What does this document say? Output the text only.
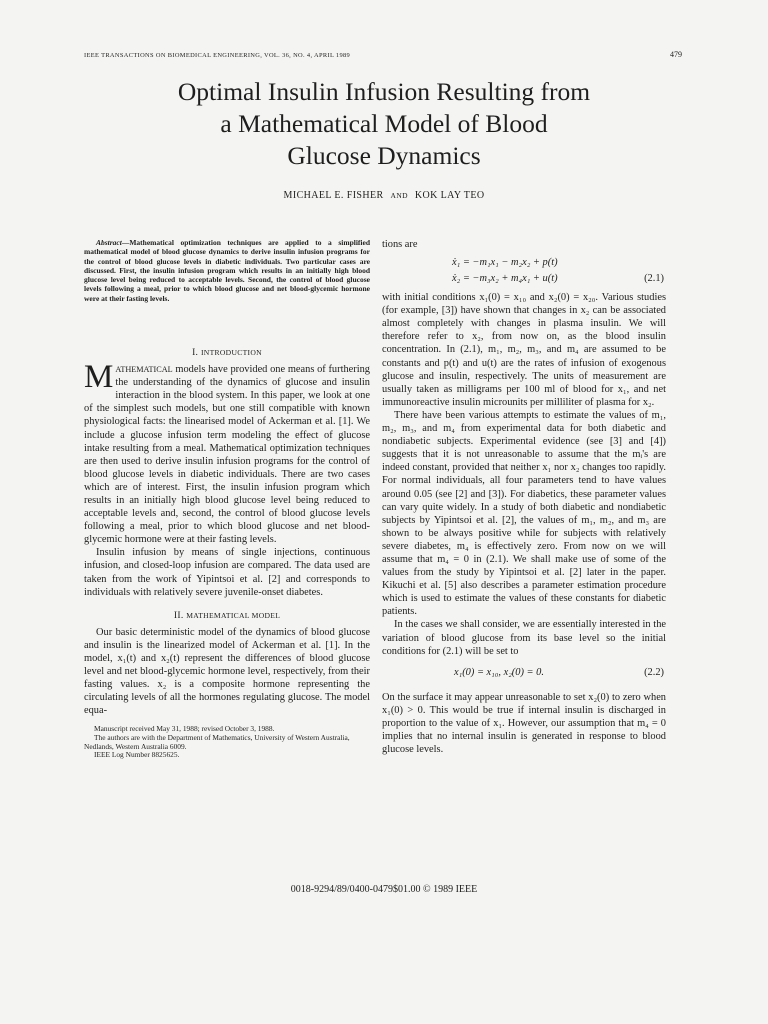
IEEE TRANSACTIONS ON BIOMEDICAL ENGINEERING, VOL. 36, NO. 4, APRIL 1989	479
Optimal Insulin Infusion Resulting from
a Mathematical Model of Blood
Glucose Dynamics
MICHAEL E. FISHER AND KOK LAY TEO

Abstract—Mathematical optimization techniques are applied to a simplified mathematical model of blood glucose dynamics to derive insulin infusion programs for the control of blood glucose levels in diabetic individuals. Two particular cases are discussed. First, the insulin infusion program which results in an initially high blood glucose level being reduced to acceptable levels. Second, the control of blood glucose levels following a meal, prior to which blood glucose and net blood-glycemic hormone were at their fasting levels.

I. INTRODUCTION

MATHEMATICAL models have provided one means of furthering the understanding of the dynamics of glucose and insulin interaction in the blood system. In this paper, we look at one of the simplest such models, but one still compatible with known physiological facts: the linearised model of Ackerman et al. [1]. We include a glucose infusion term modeling the effect of glucose intake resulting from a meal. Mathematical optimization techniques are then used to derive insulin infusion programs for the control of blood glucose levels in diabetic individuals. There are two cases which are of interest. First, the insulin infusion program which results in an initially high blood glucose level being reduced to acceptable levels and, second, the control of blood glucose levels following a meal, prior to which blood glucose and net blood-glycemic hormone were at their fasting levels.

Insulin infusion by means of single injections, continuous infusion, and closed-loop infusion are compared. The data used are taken from the work of Yipintsoi et al. [2] and corresponds to individuals with relatively severe juvenile-onset diabetes.

II. MATHEMATICAL MODEL

Our basic deterministic model of the dynamics of blood glucose and insulin is the linearized model of Ackerman et al. [1]. In the model, x₁(t) and x₂(t) represent the differences of blood glucose level and net blood-glycemic hormone level, respectively, from their fasting values. x₂ is a composite hormone representing the circulating levels of all the hormones regulating glucose. The model equa-

Manuscript received May 31, 1988; revised October 3, 1988.

The authors are with the Department of Mathematics, University of Western Australia, Nedlands, Western Australia 6009.

IEEE Log Number 8825625.

tions are

ẋ₁ = −m₁x₁ − m₂x₂ + p(t)
ẋ₂ = −m₃x₂ + m₄x₁ + u(t)	(2.1)

with initial conditions x₁(0) = x₁₀ and x₂(0) = x₂₀. Various studies (for example, [3]) have shown that changes in x₂ can be associated almost completely with changes in plasma insulin. We will therefore refer to x₂, from now on, as the blood insulin concentration. In (2.1), m₁, m₂, m₃, and m₄ are assumed to be constants and p(t) and u(t) are the rates of infusion of exogenous glucose and insulin, respectively. The units of measurement are usually taken as milligrams per 100 ml of blood for x₁, and net immunoreactive insulin microunits per milliliter of plasma for x₂.

There have been various attempts to estimate the values of m₁, m₂, m₃, and m₄ from experimental data for both diabetic and nondiabetic subjects. Experimental evidence (see [3] and [4]) suggests that it is not unreasonable to assume that the mᵢ's are indeed constant, provided that neither x₁ nor x₂ changes too rapidly. For normal individuals, all four parameters tend to have values around 0.05 (see [2] and [3]). For diabetics, these parameter values can vary quite widely. In a study of both diabetic and nondiabetic subjects by Yipintsoi et al. [2], the values of m₁, m₂, and m₃ are shown to be always positive while for subjects with relatively severe diabetes, m₄ is effectively zero. From now on we will assume that m₄ = 0 in (2.1). We shall make use of some of the values from the study by Yipintsoi et al. [2] later in the paper. Kikuchi et al. [5] also describes a parameter estimation procedure which is used to estimate the values of these constants for diabetic patients.

In the cases we shall consider, we are essentially interested in the variation of blood glucose from its base level so the initial conditions for (2.1) will be set to

x₁(0) = x₁₀, x₂(0) = 0.	(2.2)

On the surface it may appear unreasonable to set x₂(0) to zero when x₁(0) > 0. This would be true if internal insulin is discharged in proportion to the value of x₁. However, our assumption that m₄ = 0 implies that no internal insulin is generated in response to blood glucose levels.

0018-9294/89/0400-0479$01.00 © 1989 IEEE
